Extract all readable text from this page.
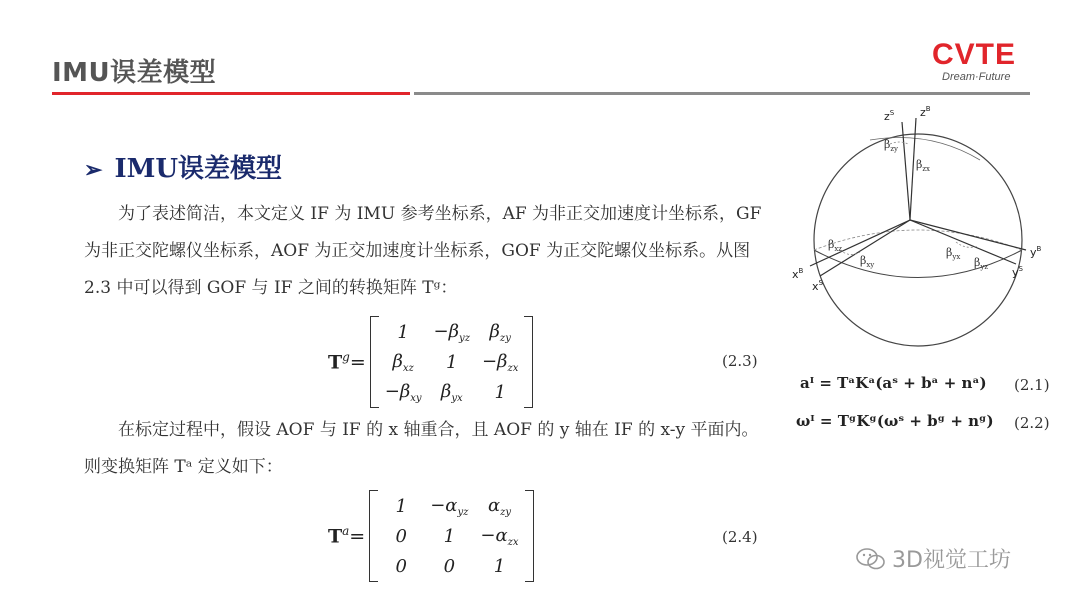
IMU误差模型
CVTE
Dream·Future
➢ IMU误差模型

为了表述简洁，本文定义 IF 为 IMU 参考坐标系，AF 为非正交加速度计坐标系，GF 为非正交陀螺仪坐标系，AOF 为正交加速度计坐标系，GOF 为正交陀螺仪坐标系。从图 2.3 中可以得到 GOF 与 IF 之间的转换矩阵 Tᵍ：

$T^g=$
1	$-\beta_{yz}$	$\beta_{zy}$
$\beta_{xz}$	1	$-\beta_{zx}$
$-\beta_{xy}$	$\beta_{yx}$	1
(2.3)

在标定过程中，假设 AOF 与 IF 的 x 轴重合，且 AOF 的 y 轴在 IF 的 x-y 平面内。则变换矩阵 Tᵃ 定义如下：

$T^a=$
1	$-\alpha_{yz}$	$\alpha_{zy}$
0	1	$-\alpha_{zx}$
0	0	1
(2.4)
$z^S$ $z^B$
$x^B$
$x^S$
$y^B$
$y^S$
$\beta_{zy}$
$\beta_{zx}$
$\beta_{xz}$
$\beta_{xy}$
$\beta_{yx}$ $\beta_{yz}$
aᴵ = TᵃKᵃ(aˢ + bᵃ + nᵃ) (2.1)
ωᴵ = TᵍKᵍ(ωˢ + bᵍ + nᵍ) (2.2)
3D视觉工坊
